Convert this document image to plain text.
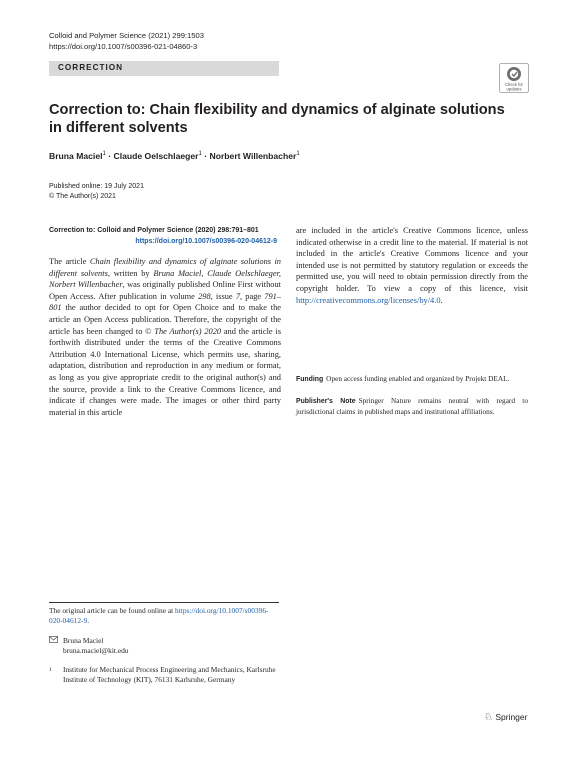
Colloid and Polymer Science (2021) 299:1503
https://doi.org/10.1007/s00396-021-04860-3
CORRECTION
Check for
updates
Correction to: Chain flexibility and dynamics of alginate solutions in different solvents
Bruna Maciel$^1$ · Claude Oelschlaeger$^1$ · Norbert Willenbacher$^1$
Published online: 19 July 2021
© The Author(s) 2021
Correction to: Colloid and Polymer Science (2020) 298:791–801
https://doi.org/10.1007/s00396-020-04612-9
The article Chain flexibility and dynamics of alginate solutions in different solvents, written by Bruna Maciel, Claude Oelschlaeger, Norbert Willenbacher, was originally published Online First without Open Access. After publication in volume 298, issue 7, page 791–801 the author decided to opt for Open Choice and to make the article an Open Access publication. Therefore, the copyright of the article has been changed to © The Author(s) 2020 and the article is forthwith distributed under the terms of the Creative Commons Attribution 4.0 International License, which permits use, sharing, adaptation, distribution and reproduction in any medium or format, as long as you give appropriate credit to the original author(s) and the source, provide a link to the Creative Commons licence, and indicate if changes were made. The images or other third party material in this article
are included in the article's Creative Commons licence, unless indicated otherwise in a credit line to the material. If material is not included in the article's Creative Commons licence and your intended use is not permitted by statutory regulation or exceeds the permitted use, you will need to obtain permission directly from the copyright holder. To view a copy of this licence, visit http://creativecommons.org/licenses/by/4.0.
Funding Open access funding enabled and organized by Projekt DEAL.
Publisher's Note Springer Nature remains neutral with regard to jurisdictional claims in published maps and institutional affiliations.
The original article can be found online at https://doi.org/10.1007/s00396-020-04612-9.
Bruna Maciel
bruna.maciel@kit.edu
1	Institute for Mechanical Process Engineering and Mechanics, Karlsruhe Institute of Technology (KIT), 76131 Karlsruhe, Germany
♘ Springer
